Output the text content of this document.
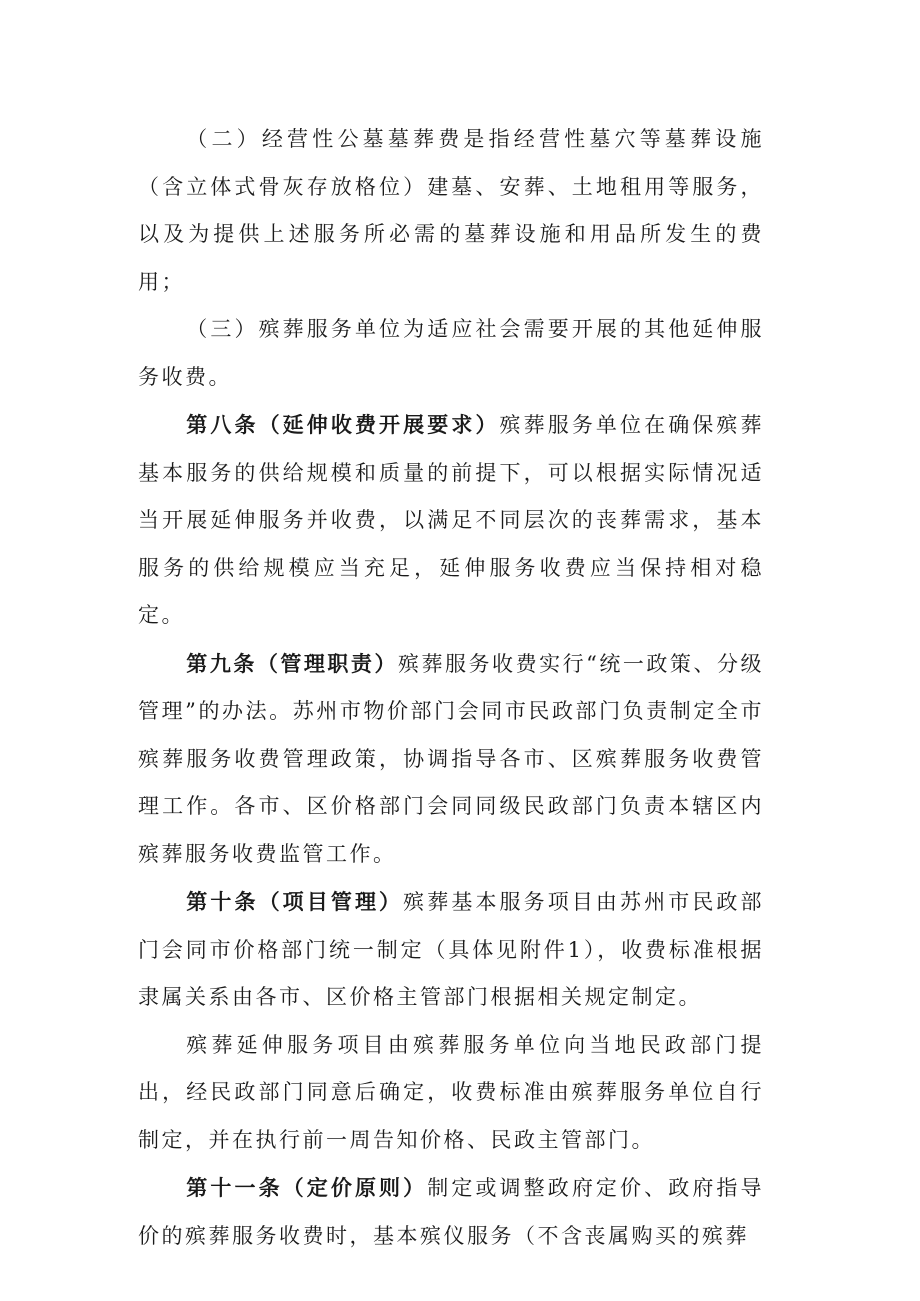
（二）经营性公墓墓葬费是指经营性墓穴等墓葬设施（含立体式骨灰存放格位）建墓、安葬、土地租用等服务，以及为提供上述服务所必需的墓葬设施和用品所发生的费用；

（三）殡葬服务单位为适应社会需要开展的其他延伸服务收费。

第八条（延伸收费开展要求）殡葬服务单位在确保殡葬基本服务的供给规模和质量的前提下，可以根据实际情况适当开展延伸服务并收费，以满足不同层次的丧葬需求，基本服务的供给规模应当充足，延伸服务收费应当保持相对稳定。

第九条（管理职责）殡葬服务收费实行“统一政策、分级管理”的办法。苏州市物价部门会同市民政部门负责制定全市殡葬服务收费管理政策，协调指导各市、区殡葬服务收费管理工作。各市、区价格部门会同同级民政部门负责本辖区内殡葬服务收费监管工作。

第十条（项目管理）殡葬基本服务项目由苏州市民政部门会同市价格部门统一制定（具体见附件1），收费标准根据隶属关系由各市、区价格主管部门根据相关规定制定。

殡葬延伸服务项目由殡葬服务单位向当地民政部门提出，经民政部门同意后确定，收费标准由殡葬服务单位自行制定，并在执行前一周告知价格、民政主管部门。

第十一条（定价原则）制定或调整政府定价、政府指导价的殡葬服务收费时，基本殡仪服务（不含丧属购买的殡葬
